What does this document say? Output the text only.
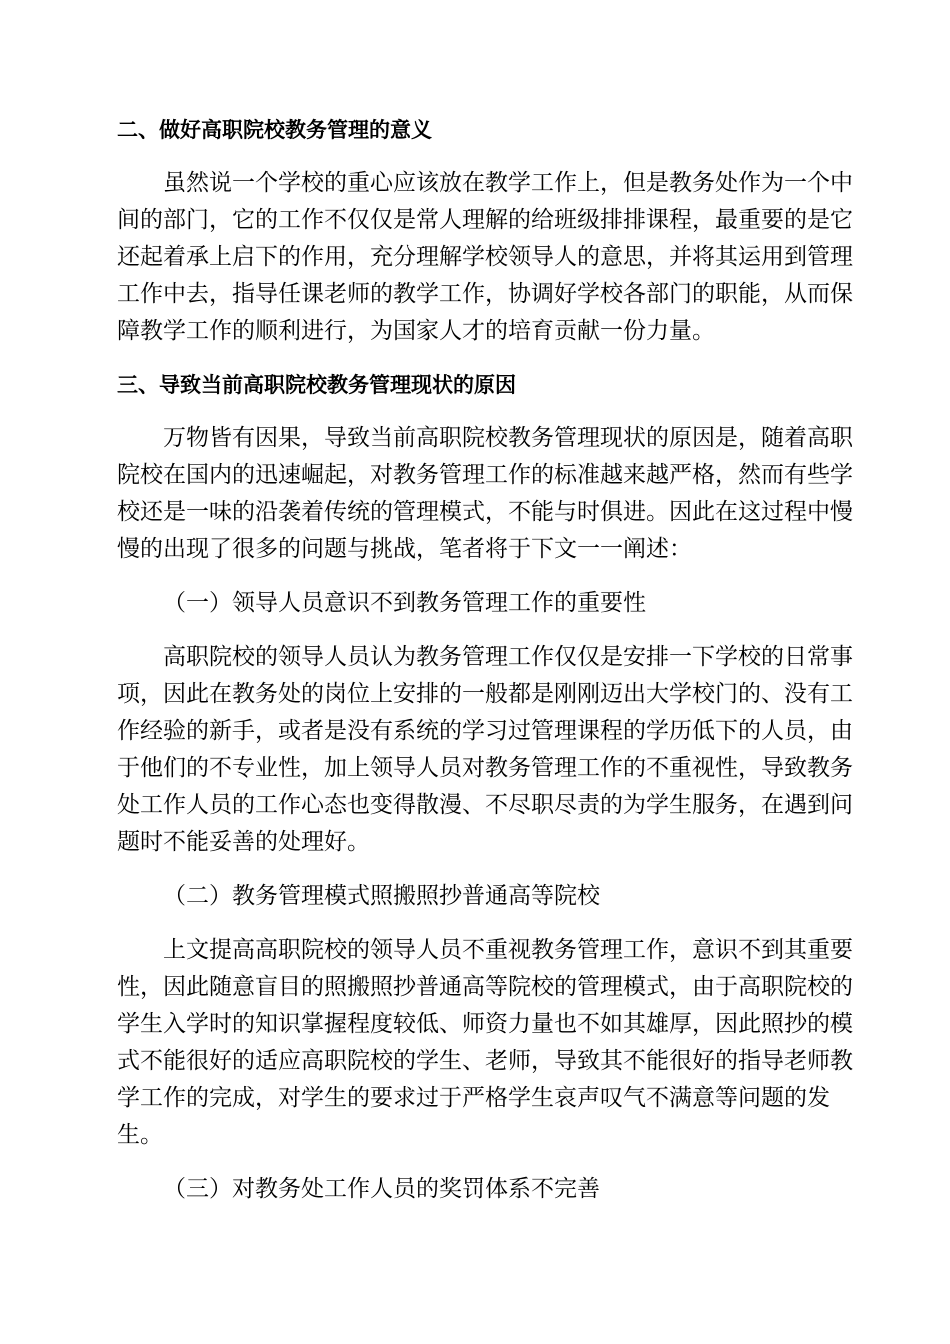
二、做好高职院校教务管理的意义
虽然说一个学校的重心应该放在教学工作上，但是教务处作为一个中
间的部门，它的工作不仅仅是常人理解的给班级排排课程，最重要的是它
还起着承上启下的作用，充分理解学校领导人的意思，并将其运用到管理
工作中去，指导任课老师的教学工作，协调好学校各部门的职能，从而保
障教学工作的顺利进行，为国家人才的培育贡献一份力量。
三、导致当前高职院校教务管理现状的原因
万物皆有因果，导致当前高职院校教务管理现状的原因是，随着高职
院校在国内的迅速崛起，对教务管理工作的标准越来越严格，然而有些学
校还是一味的沿袭着传统的管理模式，不能与时俱进。因此在这过程中慢
慢的出现了很多的问题与挑战，笔者将于下文一一阐述：
（一）领导人员意识不到教务管理工作的重要性
高职院校的领导人员认为教务管理工作仅仅是安排一下学校的日常事
项，因此在教务处的岗位上安排的一般都是刚刚迈出大学校门的、没有工
作经验的新手，或者是没有系统的学习过管理课程的学历低下的人员，由
于他们的不专业性，加上领导人员对教务管理工作的不重视性，导致教务
处工作人员的工作心态也变得散漫、不尽职尽责的为学生服务，在遇到问
题时不能妥善的处理好。
（二）教务管理模式照搬照抄普通高等院校
上文提高高职院校的领导人员不重视教务管理工作，意识不到其重要
性，因此随意盲目的照搬照抄普通高等院校的管理模式，由于高职院校的
学生入学时的知识掌握程度较低、师资力量也不如其雄厚，因此照抄的模
式不能很好的适应高职院校的学生、老师，导致其不能很好的指导老师教
学工作的完成，对学生的要求过于严格学生哀声叹气不满意等问题的发
生。
（三）对教务处工作人员的奖罚体系不完善
